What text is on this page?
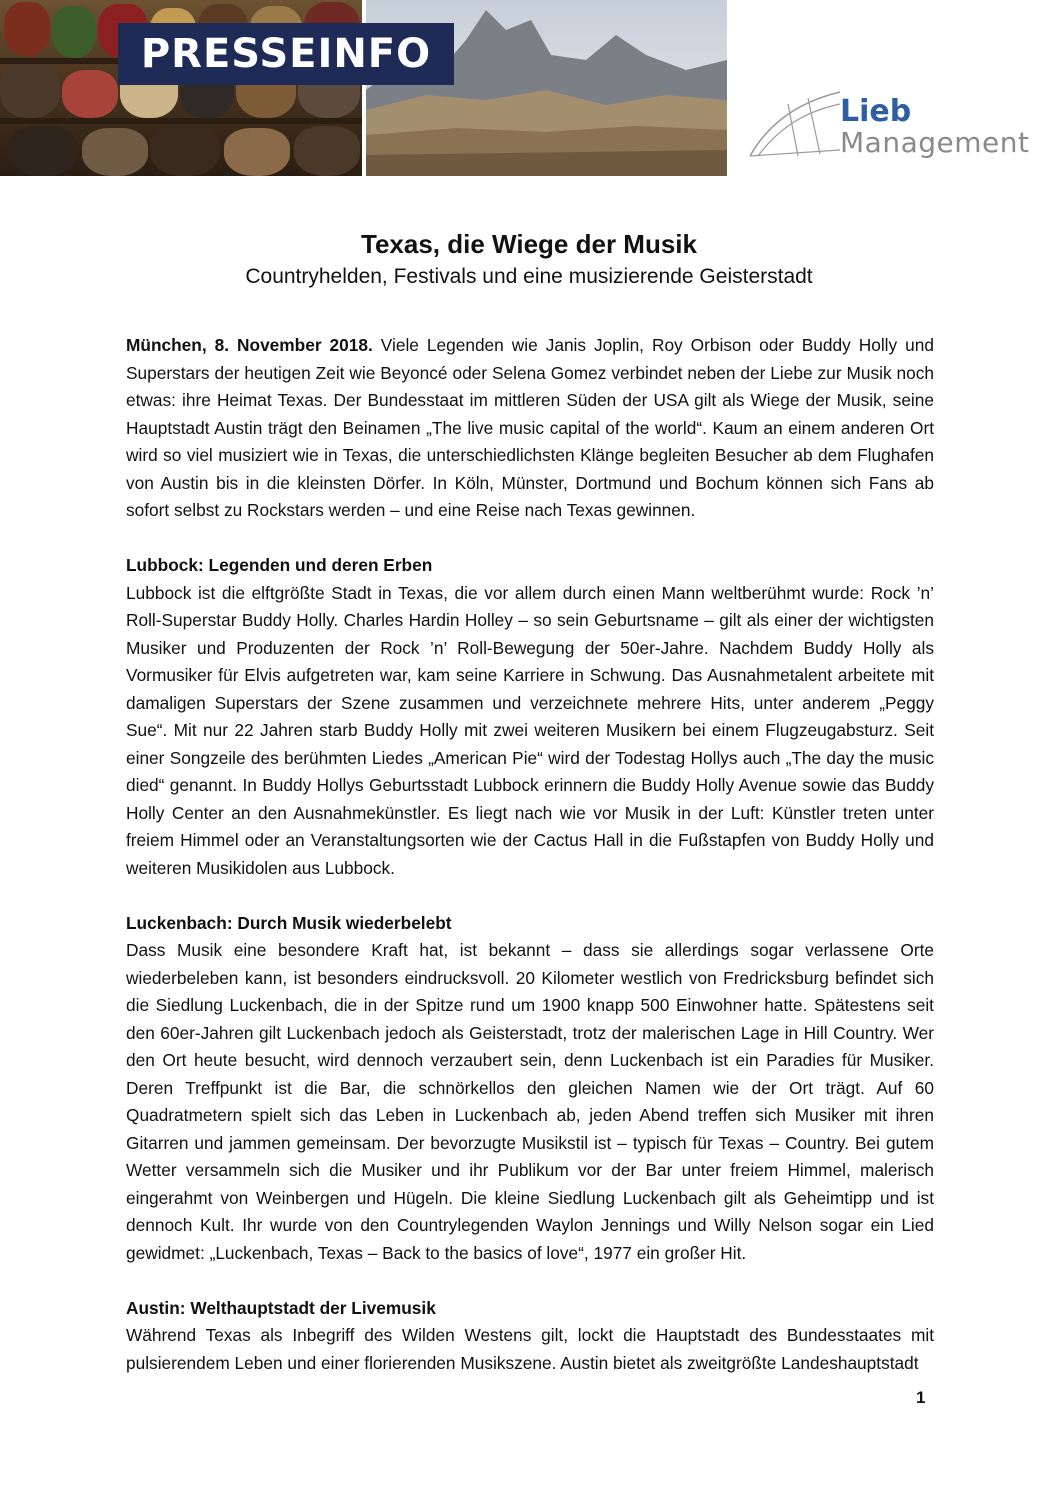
PRESSEINFO
Lieb
Management
Texas, die Wiege der Musik
Countryhelden, Festivals und eine musizierende Geisterstadt

München, 8. November 2018. Viele Legenden wie Janis Joplin, Roy Orbison oder Buddy Holly und Superstars der heutigen Zeit wie Beyoncé oder Selena Gomez verbindet neben der Liebe zur Musik noch etwas: ihre Heimat Texas. Der Bundesstaat im mittleren Süden der USA gilt als Wiege der Musik, seine Hauptstadt Austin trägt den Beinamen „The live music capital of the world“. Kaum an einem anderen Ort wird so viel musiziert wie in Texas, die unterschiedlichsten Klänge begleiten Besucher ab dem Flughafen von Austin bis in die kleinsten Dörfer. In Köln, Münster, Dortmund und Bochum können sich Fans ab sofort selbst zu Rockstars werden – und eine Reise nach Texas gewinnen.

Lubbock: Legenden und deren Erben

Lubbock ist die elftgrößte Stadt in Texas, die vor allem durch einen Mann weltberühmt wurde: Rock ’n’ Roll-Superstar Buddy Holly. Charles Hardin Holley – so sein Geburtsname – gilt als einer der wichtigsten Musiker und Produzenten der Rock ’n’ Roll-Bewegung der 50er-Jahre. Nachdem Buddy Holly als Vormusiker für Elvis aufgetreten war, kam seine Karriere in Schwung. Das Ausnahmetalent arbeitete mit damaligen Superstars der Szene zusammen und verzeichnete mehrere Hits, unter anderem „Peggy Sue“. Mit nur 22 Jahren starb Buddy Holly mit zwei weiteren Musikern bei einem Flugzeugabsturz. Seit einer Songzeile des berühmten Liedes „American Pie“ wird der Todestag Hollys auch „The day the music died“ genannt. In Buddy Hollys Geburtsstadt Lubbock erinnern die Buddy Holly Avenue sowie das Buddy Holly Center an den Ausnahmekünstler. Es liegt nach wie vor Musik in der Luft: Künstler treten unter freiem Himmel oder an Veranstaltungsorten wie der Cactus Hall in die Fußstapfen von Buddy Holly und weiteren Musikidolen aus Lubbock.

Luckenbach: Durch Musik wiederbelebt

Dass Musik eine besondere Kraft hat, ist bekannt – dass sie allerdings sogar verlassene Orte wiederbeleben kann, ist besonders eindrucksvoll. 20 Kilometer westlich von Fredricksburg befindet sich die Siedlung Luckenbach, die in der Spitze rund um 1900 knapp 500 Einwohner hatte. Spätestens seit den 60er-Jahren gilt Luckenbach jedoch als Geisterstadt, trotz der malerischen Lage in Hill Country. Wer den Ort heute besucht, wird dennoch verzaubert sein, denn Luckenbach ist ein Paradies für Musiker. Deren Treffpunkt ist die Bar, die schnörkellos den gleichen Namen wie der Ort trägt. Auf 60 Quadratmetern spielt sich das Leben in Luckenbach ab, jeden Abend treffen sich Musiker mit ihren Gitarren und jammen gemeinsam. Der bevorzugte Musikstil ist – typisch für Texas – Country. Bei gutem Wetter versammeln sich die Musiker und ihr Publikum vor der Bar unter freiem Himmel, malerisch eingerahmt von Weinbergen und Hügeln. Die kleine Siedlung Luckenbach gilt als Geheimtipp und ist dennoch Kult. Ihr wurde von den Countrylegenden Waylon Jennings und Willy Nelson sogar ein Lied gewidmet: „Luckenbach, Texas – Back to the basics of love“, 1977 ein großer Hit.

Austin: Welthauptstadt der Livemusik

Während Texas als Inbegriff des Wilden Westens gilt, lockt die Hauptstadt des Bundesstaates mit pulsierendem Leben und einer florierenden Musikszene. Austin bietet als zweitgrößte Landeshauptstadt

1
